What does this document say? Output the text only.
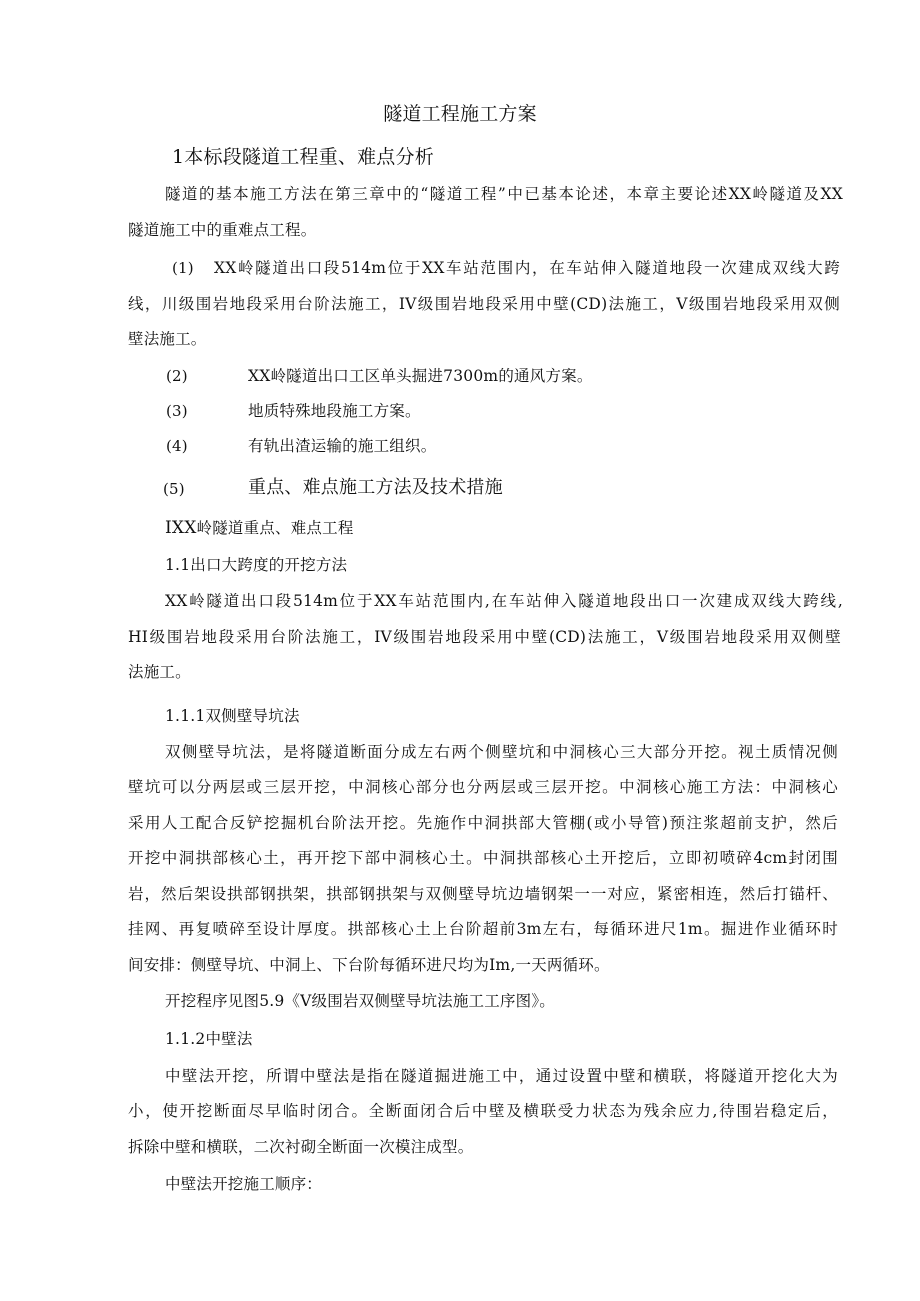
隧道工程施工方案
1本标段隧道工程重、难点分析
隧道的基本施工方法在第三章中的“隧道工程”中已基本论述，本章主要论述XX岭隧道及XX
隧道施工中的重难点工程。
(1) XX岭隧道出口段514m位于XX车站范围内，在车站伸入隧道地段一次建成双线大跨
线，川级围岩地段采用台阶法施工，IV级围岩地段采用中壁(CD)法施工，V级围岩地段采用双侧
壁法施工。
(2)	XX岭隧道出口工区单头掘进7300m的通风方案。
(3)	地质特殊地段施工方案。
(4)	有轨出渣运输的施工组织。
(5)	重点、难点施工方法及技术措施
IXX岭隧道重点、难点工程
1.1出口大跨度的开挖方法
XX岭隧道出口段514m位于XX车站范围内,在车站伸入隧道地段出口一次建成双线大跨线,
HI级围岩地段采用台阶法施工，IV级围岩地段采用中壁(CD)法施工，V级围岩地段采用双侧壁
法施工。
1.1.1双侧壁导坑法
双侧壁导坑法，是将隧道断面分成左右两个侧壁坑和中洞核心三大部分开挖。视土质情况侧
壁坑可以分两层或三层开挖，中洞核心部分也分两层或三层开挖。中洞核心施工方法：中洞核心
采用人工配合反铲挖掘机台阶法开挖。先施作中洞拱部大管棚(或小导管)预注浆超前支护，然后
开挖中洞拱部核心土，再开挖下部中洞核心土。中洞拱部核心土开挖后，立即初喷碎4cm封闭围
岩，然后架设拱部钢拱架，拱部钢拱架与双侧壁导坑边墙钢架一一对应，紧密相连，然后打锚杆、
挂网、再复喷碎至设计厚度。拱部核心土上台阶超前3m左右，每循环进尺1m。掘进作业循环时
间安排：侧壁导坑、中洞上、下台阶每循环进尺均为Im,一天两循环。
开挖程序见图5.9《V级围岩双侧壁导坑法施工工序图》。
1.1.2中壁法
中壁法开挖，所谓中壁法是指在隧道掘进施工中，通过设置中壁和横联，将隧道开挖化大为
小，使开挖断面尽早临时闭合。全断面闭合后中壁及横联受力状态为残余应力,待围岩稳定后，
拆除中壁和横联，二次衬砌全断面一次模注成型。
中壁法开挖施工顺序：
